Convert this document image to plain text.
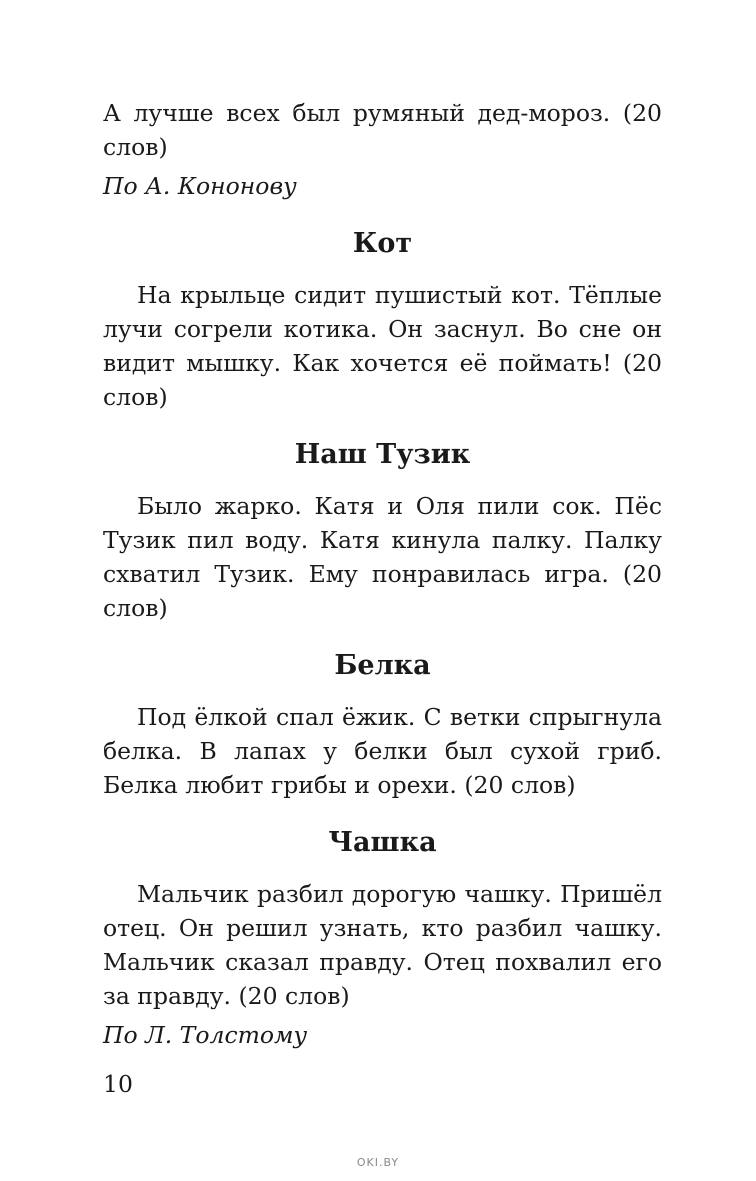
А лучше всех был румяный дед-мороз. (20 слов)

По А. Кононову

Кот

На крыльце сидит пушистый кот. Тёплые лучи согрели котика. Он заснул. Во сне он видит мышку. Как хочется её поймать! (20 слов)

Наш Тузик

Было жарко. Катя и Оля пили сок. Пёс Тузик пил воду. Катя кинула палку. Палку схватил Тузик. Ему понравилась игра. (20 слов)

Белка

Под ёлкой спал ёжик. С ветки спрыгнула белка. В лапах у белки был сухой гриб. Белка любит грибы и орехи. (20 слов)

Чашка

Мальчик разбил дорогую чашку. Пришёл отец. Он решил узнать, кто разбил чашку. Мальчик сказал правду. Отец похвалил его за правду. (20 слов)

По Л. Толстому

10
OKI.BY
